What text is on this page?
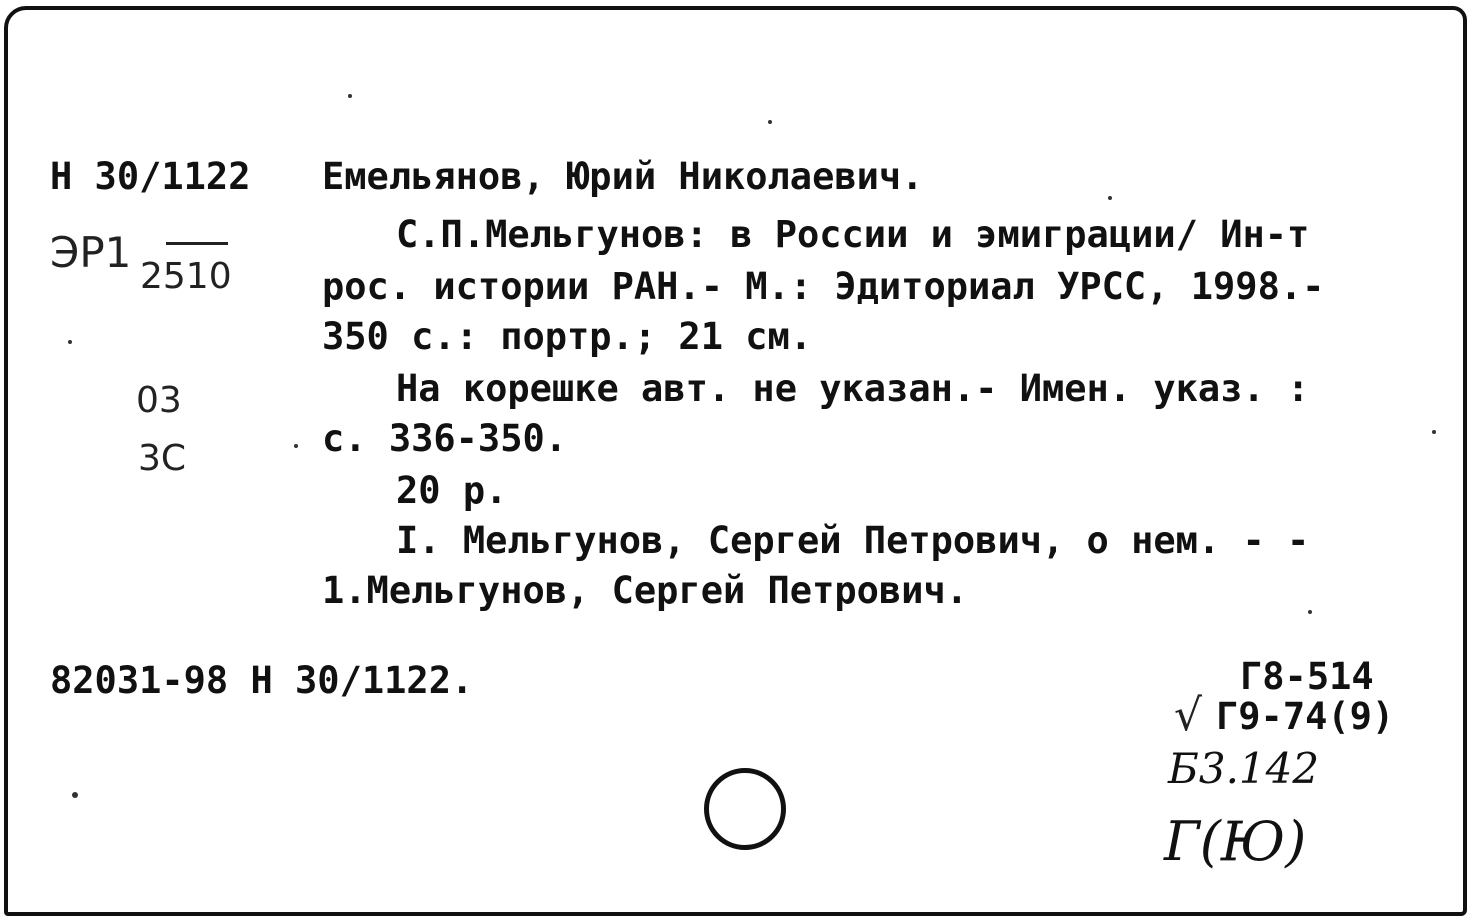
Н 30/1122 Емельянов, Юрий Николаевич.
С.П.Мельгунов: в России и эмиграции/ Ин-т
рос. истории РАН.- М.: Эдиториал УРСС, 1998.-
350 с.: портр.; 21 см.
На корешке авт. не указан.- Имен. указ. :
с. 336-350.
20 р.
I. Мельгунов, Сергей Петрович, о нем. - -
1.Мельгунов, Сергей Петрович.
82031-98 Н 30/1122.	Г8-514
Г9-74(9)
ЭР1 2510
03
3С
√
Б3.142
Г(Ю)
